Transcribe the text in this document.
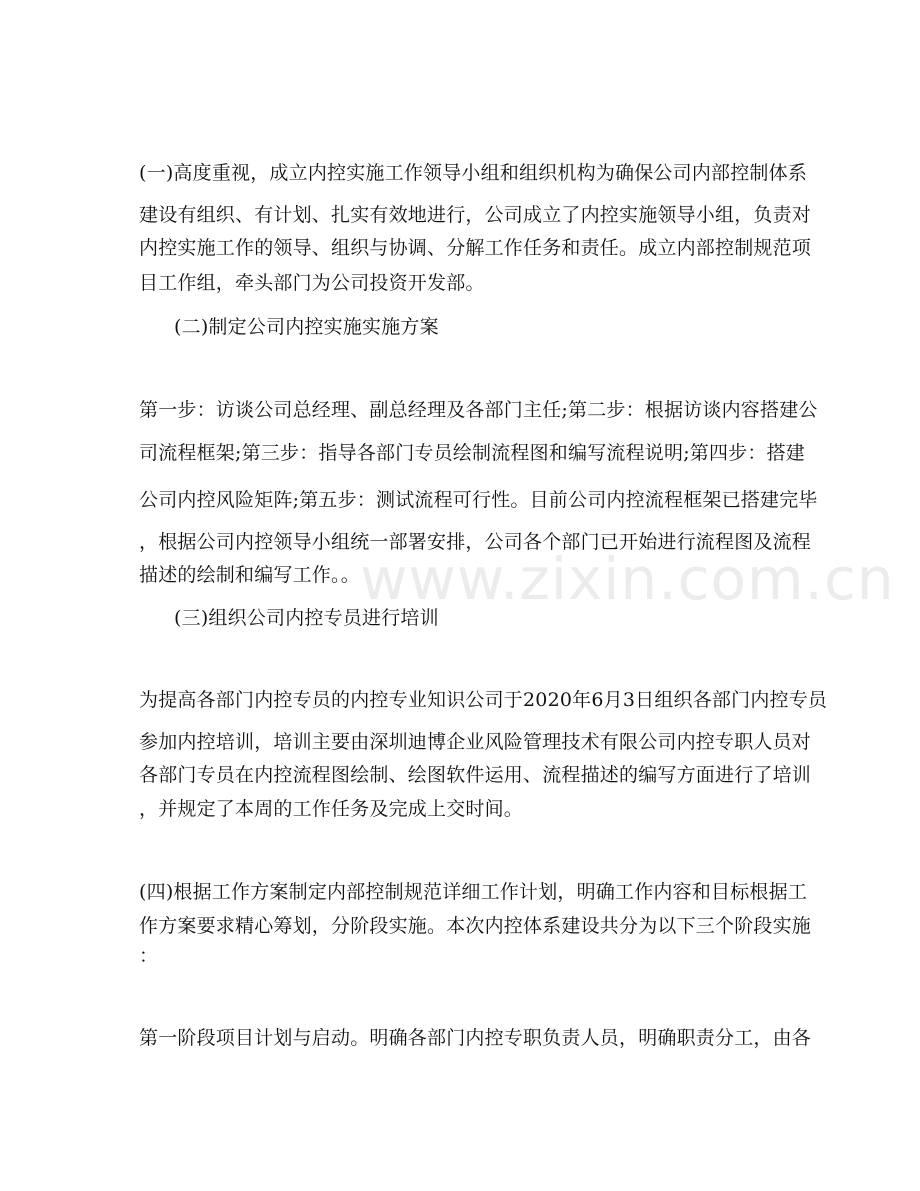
www.zixin.com.cn
(一)高度重视，成立内控实施工作领导小组和组织机构为确保公司内部控制体系
建设有组织、有计划、扎实有效地进行，公司成立了内控实施领导小组，负责对
内控实施工作的领导、组织与协调、分解工作任务和责任。成立内部控制规范项
目工作组，牵头部门为公司投资开发部。
(二)制定公司内控实施实施方案
第一步：访谈公司总经理、副总经理及各部门主任;第二步：根据访谈内容搭建公
司流程框架;第三步：指导各部门专员绘制流程图和编写流程说明;第四步：搭建
公司内控风险矩阵;第五步：测试流程可行性。目前公司内控流程框架已搭建完毕
，根据公司内控领导小组统一部署安排，公司各个部门已开始进行流程图及流程
描述的绘制和编写工作。。
(三)组织公司内控专员进行培训
为提高各部门内控专员的内控专业知识公司于2020年6月3日组织各部门内控专员
参加内控培训，培训主要由深圳迪博企业风险管理技术有限公司内控专职人员对
各部门专员在内控流程图绘制、绘图软件运用、流程描述的编写方面进行了培训
，并规定了本周的工作任务及完成上交时间。
(四)根据工作方案制定内部控制规范详细工作计划，明确工作内容和目标根据工
作方案要求精心筹划，分阶段实施。本次内控体系建设共分为以下三个阶段实施
：
第一阶段项目计划与启动。明确各部门内控专职负责人员，明确职责分工，由各
